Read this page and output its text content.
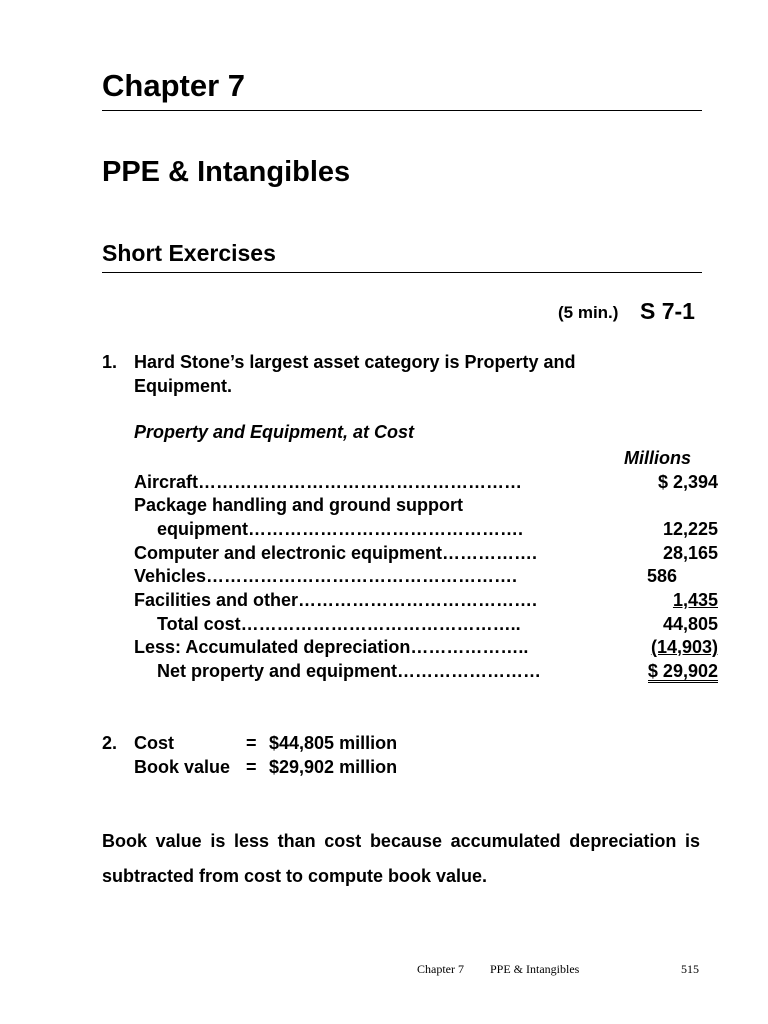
Chapter 7
PPE & Intangibles
Short Exercises
(5 min.) S 7-1
1. Hard Stone’s largest asset category is Property and
Equipment.
Property and Equipment, at Cost
Millions
Aircraft………………………………………………	$ 2,394
Package handling and ground support
equipment……………………………………….	12,225
Computer and electronic equipment…………….	28,165
Vehicles…………………………………………….	586
Facilities and other………………………………….	1,435
Total cost………………………………………..	44,805
Less: Accumulated depreciation………………..	(14,903)
Net property and equipment……………………	$ 29,902
2. Cost	= $44,805 million
Book value = $29,902 million
Book value is less than cost because accumulated depreciation is subtracted from cost to compute book value.
Chapter 7 PPE & Intangibles	515
